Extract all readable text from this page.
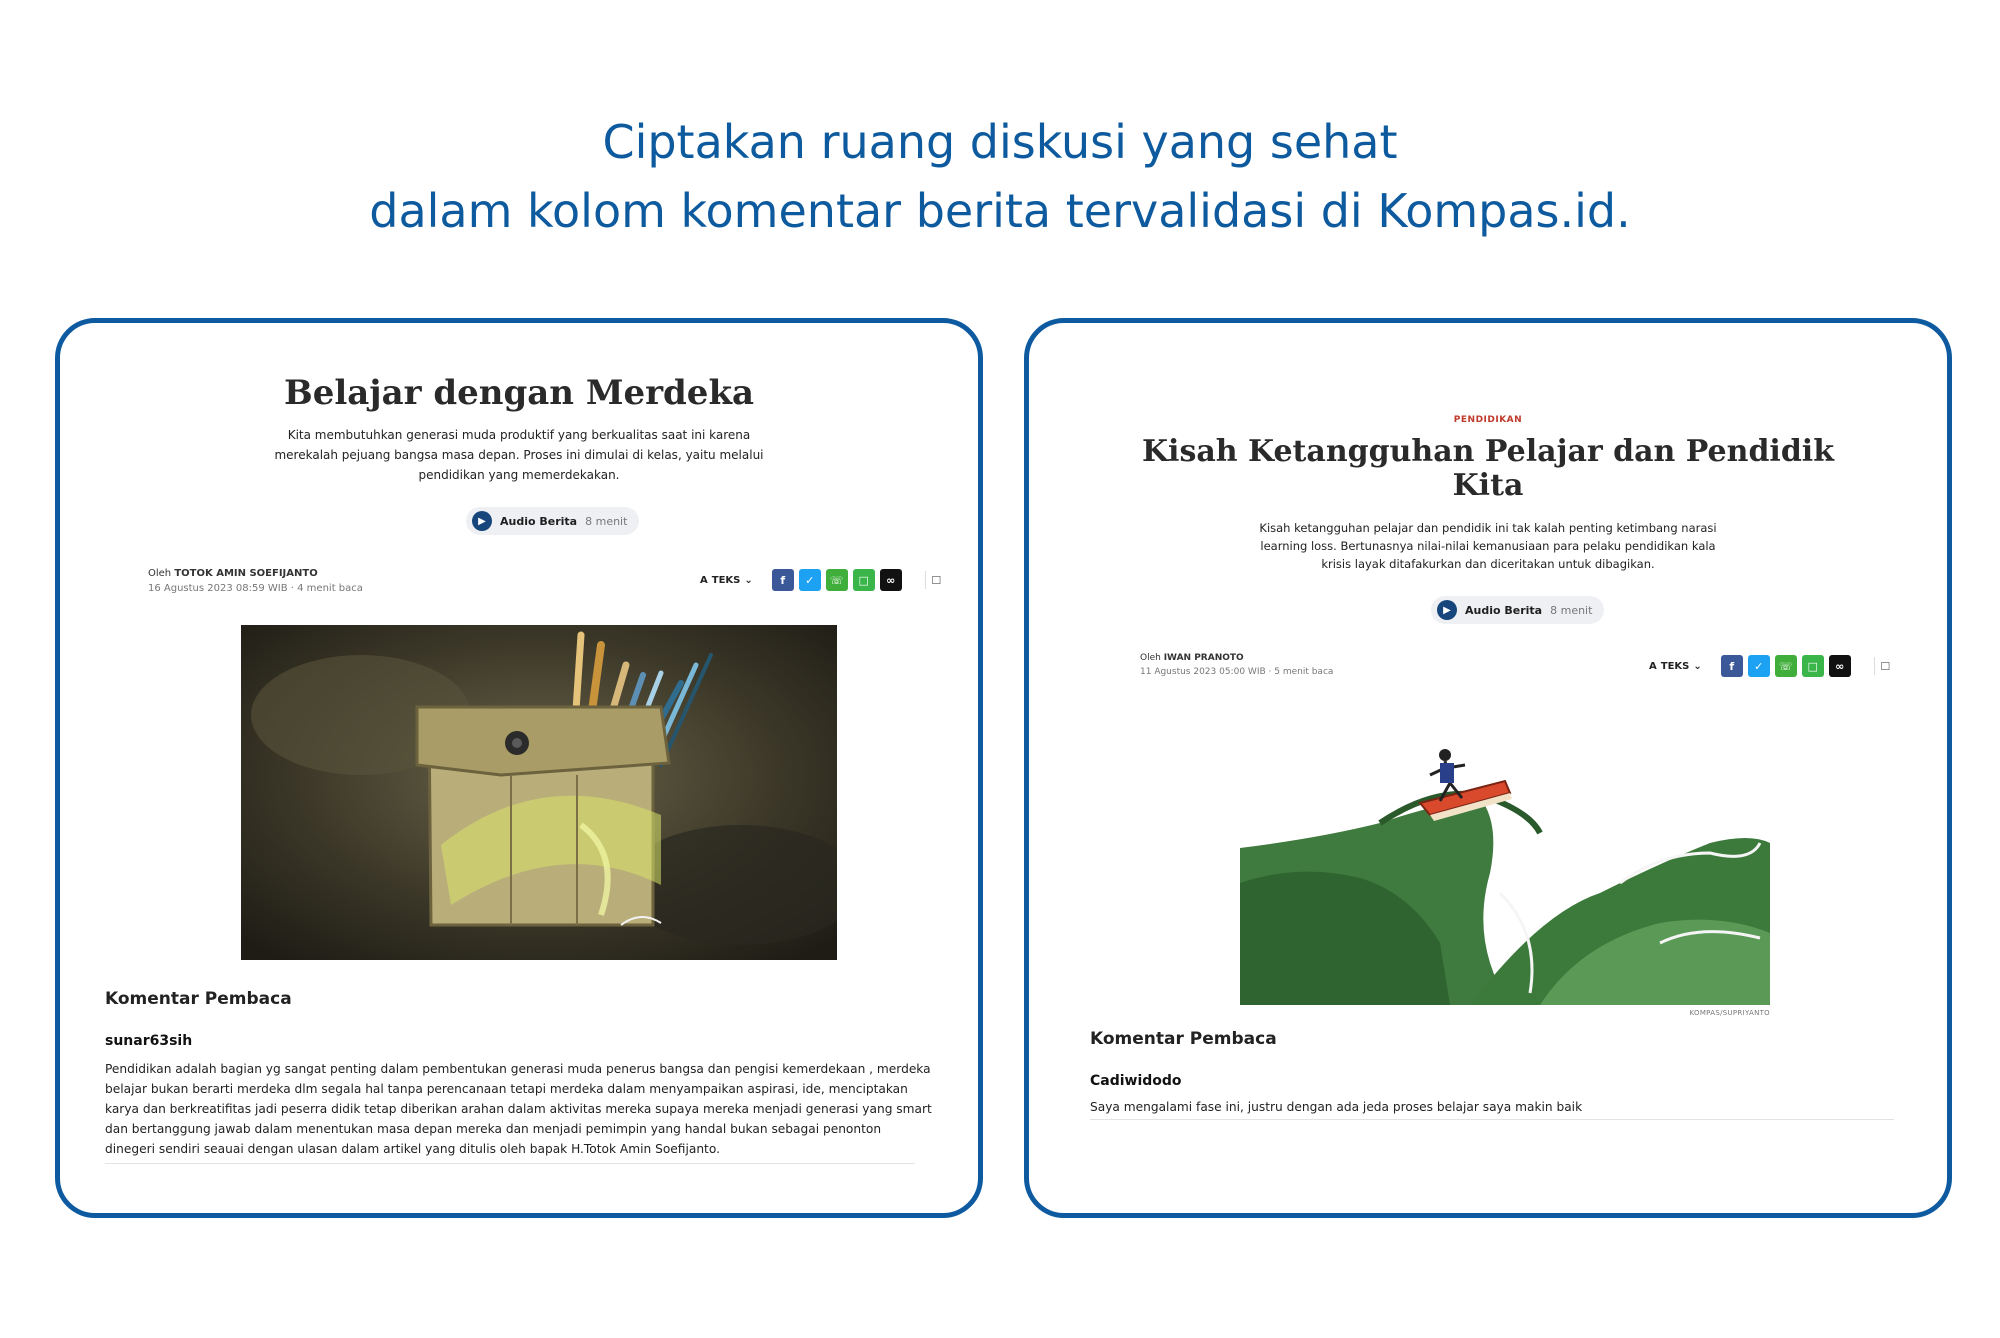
Ciptakan ruang diskusi yang sehat
dalam kolom komentar berita tervalidasi di Kompas.id.
Belajar dengan Merdeka
Kita membutuhkan generasi muda produktif yang berkualitas saat ini karena
merekalah pejuang bangsa masa depan. Proses ini dimulai di kelas, yaitu melalui
pendidikan yang memerdekakan.
▶	Audio Berita 8 menit
Oleh TOTOK AMIN SOEFIJANTO
16 Agustus 2023 08:59 WIB · 4 menit baca
A TEKS ⌄	f	✓	☏	□	∞	☐
Komentar Pembaca
sunar63sih
Pendidikan adalah bagian yg sangat penting dalam pembentukan generasi muda penerus bangsa dan pengisi kemerdekaan , merdeka
belajar bukan berarti merdeka dlm segala hal tanpa perencanaan tetapi merdeka dalam menyampaikan aspirasi, ide, menciptakan
karya dan berkreatifitas jadi peserra didik tetap diberikan arahan dalam aktivitas mereka supaya mereka menjadi generasi yang smart
dan bertanggung jawab dalam menentukan masa depan mereka dan menjadi pemimpin yang handal bukan sebagai penonton
dinegeri sendiri seauai dengan ulasan dalam artikel yang ditulis oleh bapak H.Totok Amin Soefijanto.
PENDIDIKAN
Kisah Ketangguhan Pelajar dan Pendidik
Kita
Kisah ketangguhan pelajar dan pendidik ini tak kalah penting ketimbang narasi
learning loss. Bertunasnya nilai-nilai kemanusiaan para pelaku pendidikan kala
krisis layak ditafakurkan dan diceritakan untuk dibagikan.
▶	Audio Berita 8 menit
Oleh IWAN PRANOTO
11 Agustus 2023 05:00 WIB · 5 menit baca
A TEKS ⌄	f	✓	☏	□	∞	☐
KOMPAS/SUPRIYANTO
Komentar Pembaca
Cadiwidodo
Saya mengalami fase ini, justru dengan ada jeda proses belajar saya makin baik
